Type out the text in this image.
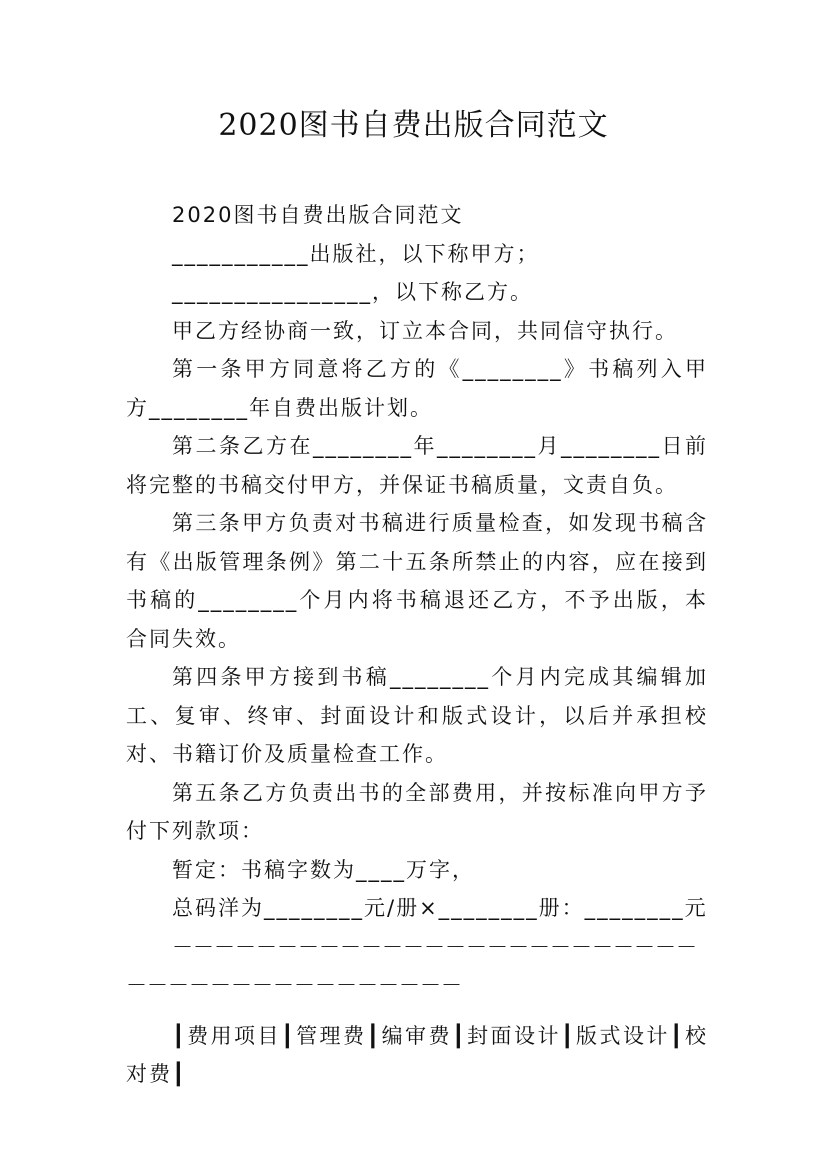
2020图书自费出版合同范文

2020图书自费出版合同范文

___________出版社，以下称甲方；

________________，以下称乙方。

甲乙方经协商一致，订立本合同，共同信守执行。

第一条甲方同意将乙方的《________》书稿列入甲方________年自费出版计划。

第二条乙方在________年________月________日前将完整的书稿交付甲方，并保证书稿质量，文责自负。

第三条甲方负责对书稿进行质量检查，如发现书稿含有《出版管理条例》第二十五条所禁止的内容，应在接到书稿的________个月内将书稿退还乙方，不予出版，本合同失效。

第四条甲方接到书稿________个月内完成其编辑加工、复审、终审、封面设计和版式设计，以后并承担校对、书籍订价及质量检查工作。

第五条乙方负责出书的全部费用，并按标准向甲方予付下列款项：

暂定：书稿字数为____万字，

总码洋为________元/册×________册：________元

－－－－－－－－－－－－－－－－－－－－－－－－－－－－－－－－－－－－－－－－－

┃费用项目┃管理费┃编审费┃封面设计┃版式设计┃校对费┃
